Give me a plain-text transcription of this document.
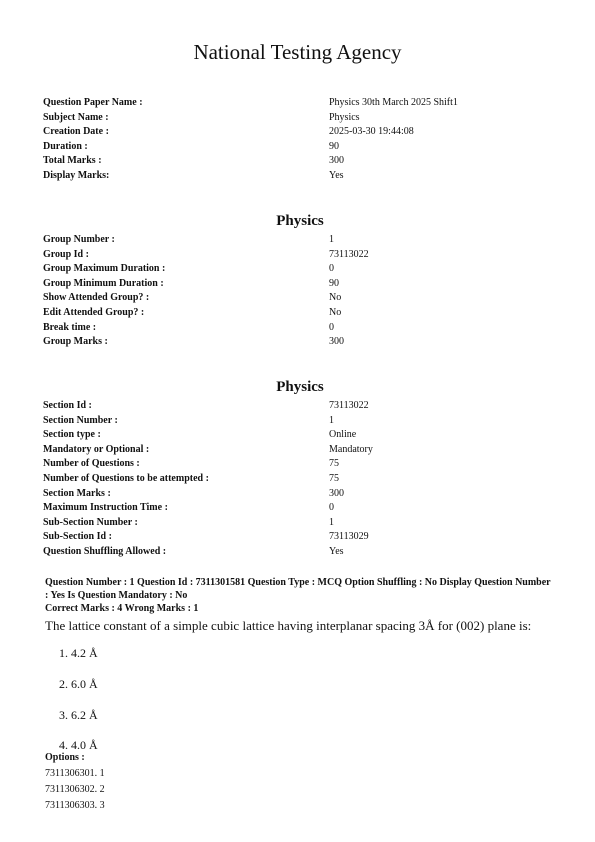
National Testing Agency
Question Paper Name :	Physics 30th March 2025 Shift1
Subject Name :	Physics
Creation Date :	2025-03-30 19:44:08
Duration :	90
Total Marks :	300
Display Marks:	Yes
Physics
Group Number :	1
Group Id :	73113022
Group Maximum Duration :	0
Group Minimum Duration :	90
Show Attended Group? :	No
Edit Attended Group? :	No
Break time :	0
Group Marks :	300
Physics
Section Id :	73113022
Section Number :	1
Section type :	Online
Mandatory or Optional :	Mandatory
Number of Questions :	75
Number of Questions to be attempted :	75
Section Marks :	300
Maximum Instruction Time :	0
Sub-Section Number :	1
Sub-Section Id :	73113029
Question Shuffling Allowed :	Yes
Question Number : 1 Question Id : 7311301581 Question Type : MCQ Option Shuffling : No Display Question Number : Yes Is Question Mandatory : No
Correct Marks : 4 Wrong Marks : 1
The lattice constant of a simple cubic lattice having interplanar spacing 3Å for (002) plane is:
1. 4.2 Å
2. 6.0 Å
3. 6.2 Å
4. 4.0 Å
Options :
7311306301. 1
7311306302. 2
7311306303. 3
